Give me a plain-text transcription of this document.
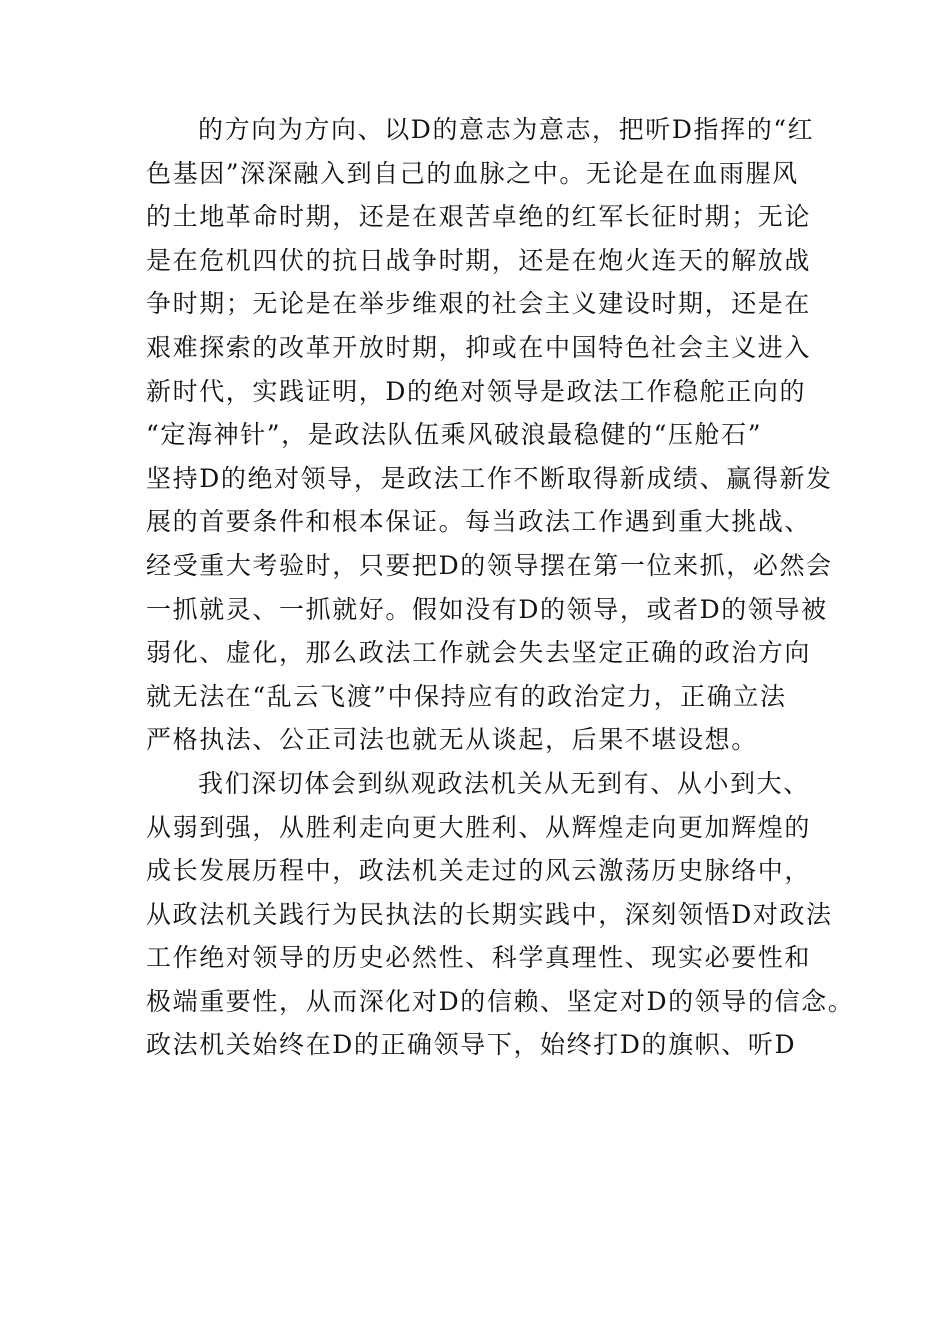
的方向为方向、以D的意志为意志，把听D指挥的“红
色基因”深深融入到自己的血脉之中。无论是在血雨腥风
的土地革命时期，还是在艰苦卓绝的红军长征时期；无论
是在危机四伏的抗日战争时期，还是在炮火连天的解放战
争时期；无论是在举步维艰的社会主义建设时期，还是在
艰难探索的改革开放时期，抑或在中国特色社会主义进入
新时代，实践证明，D的绝对领导是政法工作稳舵正向的
“定海神针”，是政法队伍乘风破浪最稳健的“压舱石”
坚持D的绝对领导，是政法工作不断取得新成绩、赢得新发
展的首要条件和根本保证。每当政法工作遇到重大挑战、
经受重大考验时，只要把D的领导摆在第一位来抓，必然会
一抓就灵、一抓就好。假如没有D的领导，或者D的领导被
弱化、虚化，那么政法工作就会失去坚定正确的政治方向
就无法在“乱云飞渡”中保持应有的政治定力，正确立法
严格执法、公正司法也就无从谈起，后果不堪设想。
我们深切体会到纵观政法机关从无到有、从小到大、
从弱到强，从胜利走向更大胜利、从辉煌走向更加辉煌的
成长发展历程中，政法机关走过的风云激荡历史脉络中，
从政法机关践行为民执法的长期实践中，深刻领悟D对政法
工作绝对领导的历史必然性、科学真理性、现实必要性和
极端重要性，从而深化对D的信赖、坚定对D的领导的信念。
政法机关始终在D的正确领导下，始终打D的旗帜、听D
